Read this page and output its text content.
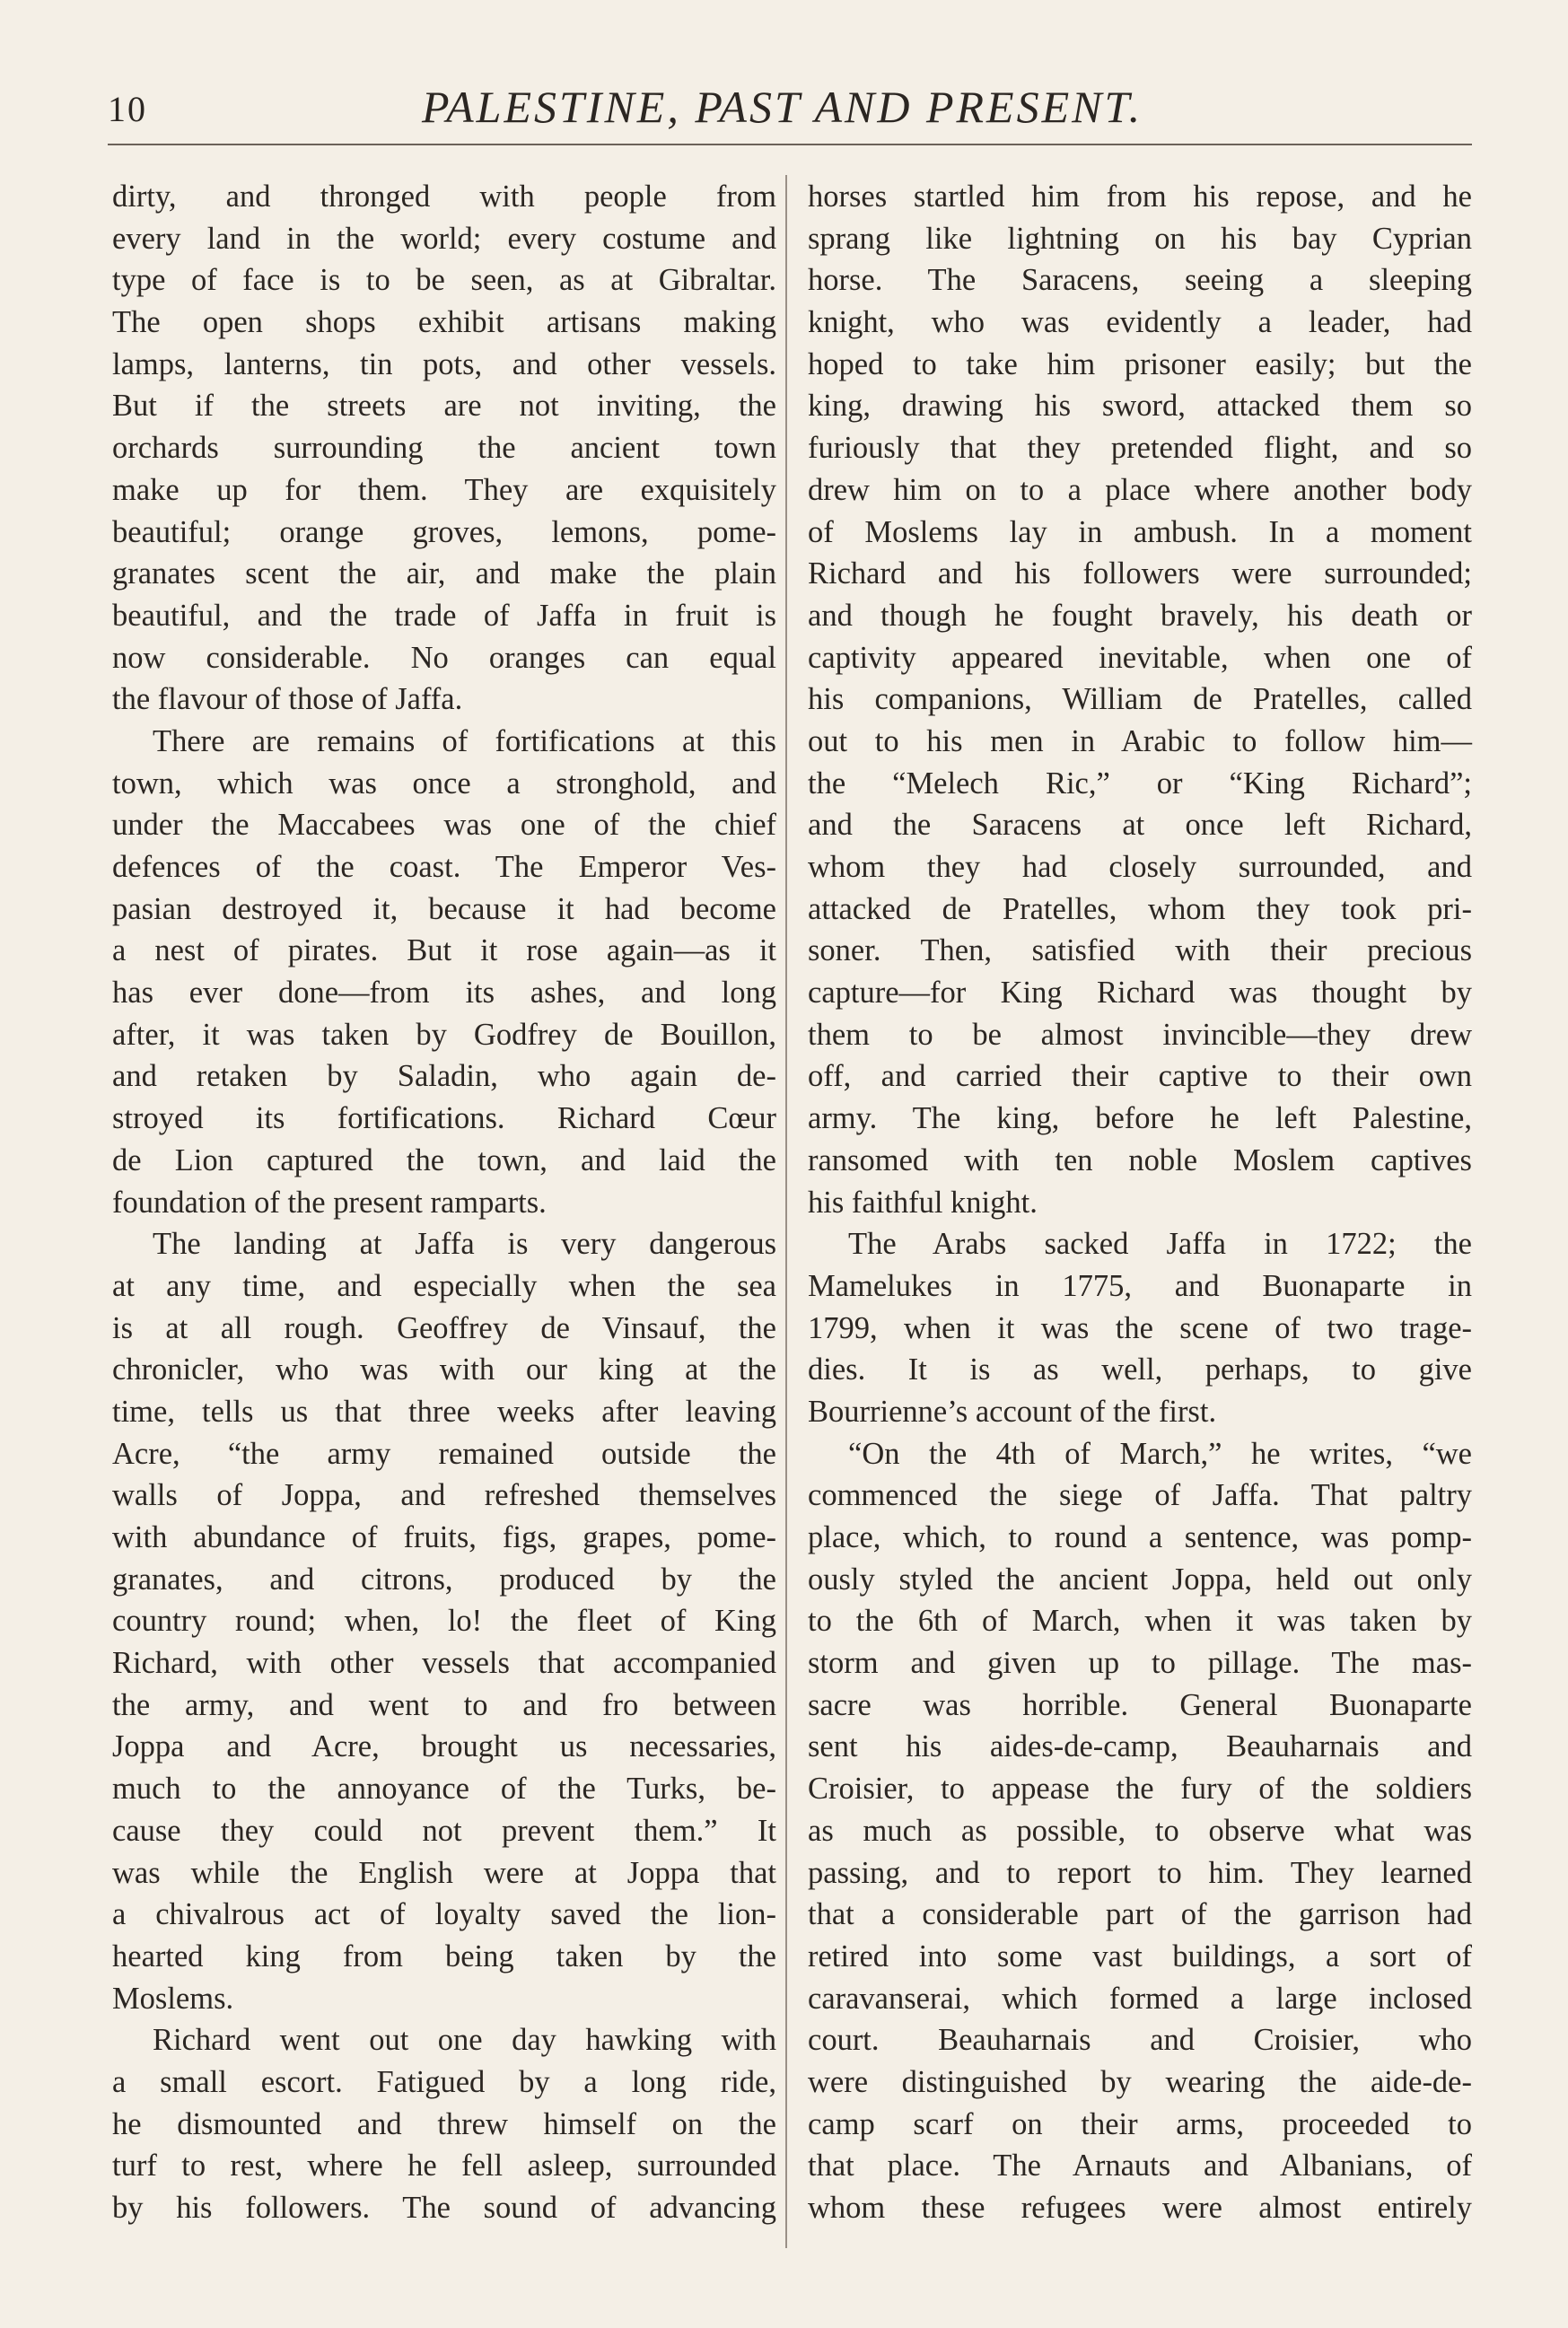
10	PALESTINE, PAST AND PRESENT.
dirty, and thronged with people from
every land in the world; every costume and
type of face is to be seen, as at Gibraltar.
The open shops exhibit artisans making
lamps, lanterns, tin pots, and other vessels.
But if the streets are not inviting, the
orchards surrounding the ancient town
make up for them. They are exquisitely
beautiful; orange groves, lemons, pome-
granates scent the air, and make the plain
beautiful, and the trade of Jaffa in fruit is
now considerable. No oranges can equal
the flavour of those of Jaffa.
There are remains of fortifications at this
town, which was once a stronghold, and
under the Maccabees was one of the chief
defences of the coast. The Emperor Ves-
pasian destroyed it, because it had become
a nest of pirates. But it rose again—as it
has ever done—from its ashes, and long
after, it was taken by Godfrey de Bouillon,
and retaken by Saladin, who again de-
stroyed its fortifications. Richard Cœur
de Lion captured the town, and laid the
foundation of the present ramparts.
The landing at Jaffa is very dangerous
at any time, and especially when the sea
is at all rough. Geoffrey de Vinsauf, the
chronicler, who was with our king at the
time, tells us that three weeks after leaving
Acre, “the army remained outside the
walls of Joppa, and refreshed themselves
with abundance of fruits, figs, grapes, pome-
granates, and citrons, produced by the
country round; when, lo! the fleet of King
Richard, with other vessels that accompanied
the army, and went to and fro between
Joppa and Acre, brought us necessaries,
much to the annoyance of the Turks, be-
cause they could not prevent them.” It
was while the English were at Joppa that
a chivalrous act of loyalty saved the lion-
hearted king from being taken by the
Moslems.
Richard went out one day hawking with
a small escort. Fatigued by a long ride,
he dismounted and threw himself on the
turf to rest, where he fell asleep, surrounded
by his followers. The sound of advancing
horses startled him from his repose, and he
sprang like lightning on his bay Cyprian
horse. The Saracens, seeing a sleeping
knight, who was evidently a leader, had
hoped to take him prisoner easily; but the
king, drawing his sword, attacked them so
furiously that they pretended flight, and so
drew him on to a place where another body
of Moslems lay in ambush. In a moment
Richard and his followers were surrounded;
and though he fought bravely, his death or
captivity appeared inevitable, when one of
his companions, William de Pratelles, called
out to his men in Arabic to follow him—
the “Melech Ric,” or “King Richard”;
and the Saracens at once left Richard,
whom they had closely surrounded, and
attacked de Pratelles, whom they took pri-
soner. Then, satisfied with their precious
capture—for King Richard was thought by
them to be almost invincible—they drew
off, and carried their captive to their own
army. The king, before he left Palestine,
ransomed with ten noble Moslem captives
his faithful knight.
The Arabs sacked Jaffa in 1722; the
Mamelukes in 1775, and Buonaparte in
1799, when it was the scene of two trage-
dies. It is as well, perhaps, to give
Bourrienne’s account of the first.
“On the 4th of March,” he writes, “we
commenced the siege of Jaffa. That paltry
place, which, to round a sentence, was pomp-
ously styled the ancient Joppa, held out only
to the 6th of March, when it was taken by
storm and given up to pillage. The mas-
sacre was horrible. General Buonaparte
sent his aides-de-camp, Beauharnais and
Croisier, to appease the fury of the soldiers
as much as possible, to observe what was
passing, and to report to him. They learned
that a considerable part of the garrison had
retired into some vast buildings, a sort of
caravanserai, which formed a large inclosed
court. Beauharnais and Croisier, who
were distinguished by wearing the aide-de-
camp scarf on their arms, proceeded to
that place. The Arnauts and Albanians, of
whom these refugees were almost entirely
